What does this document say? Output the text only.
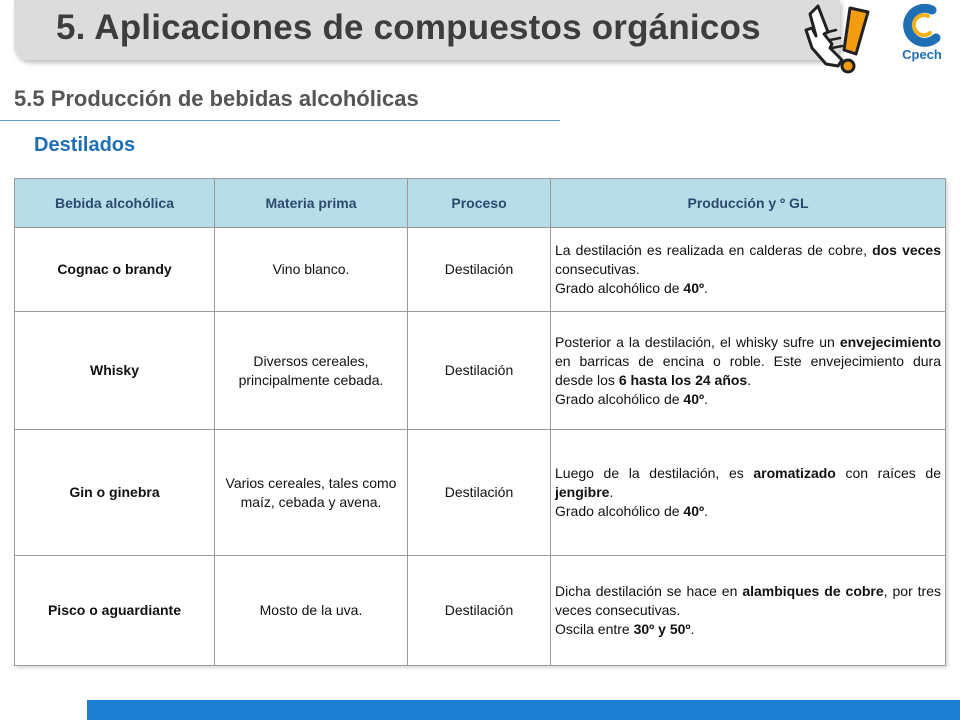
5. Aplicaciones de compuestos orgánicos
Cpech
5.5 Producción de bebidas alcohólicas
Destilados
Bebida alcohólica	Materia prima	Proceso	Producción y º GL
Cognac o brandy	Vino blanco.	Destilación	La destilación es realizada en calderas de cobre, dos veces consecutivas.
Grado alcohólico de 40º.
Whisky	Diversos cereales, principalmente cebada.	Destilación	Posterior a la destilación, el whisky sufre un envejecimiento en barricas de encina o roble. Este envejecimiento dura desde los 6 hasta los 24 años.
Grado alcohólico de 40º.
Gin o ginebra	Varios cereales, tales como maíz, cebada y avena.	Destilación	Luego de la destilación, es aromatizado con raíces de jengibre.
Grado alcohólico de 40º.
Pisco o aguardiante	Mosto de la uva.	Destilación	Dicha destilación se hace en alambiques de cobre, por tres veces consecutivas.
Oscila entre 30º y 50º.
